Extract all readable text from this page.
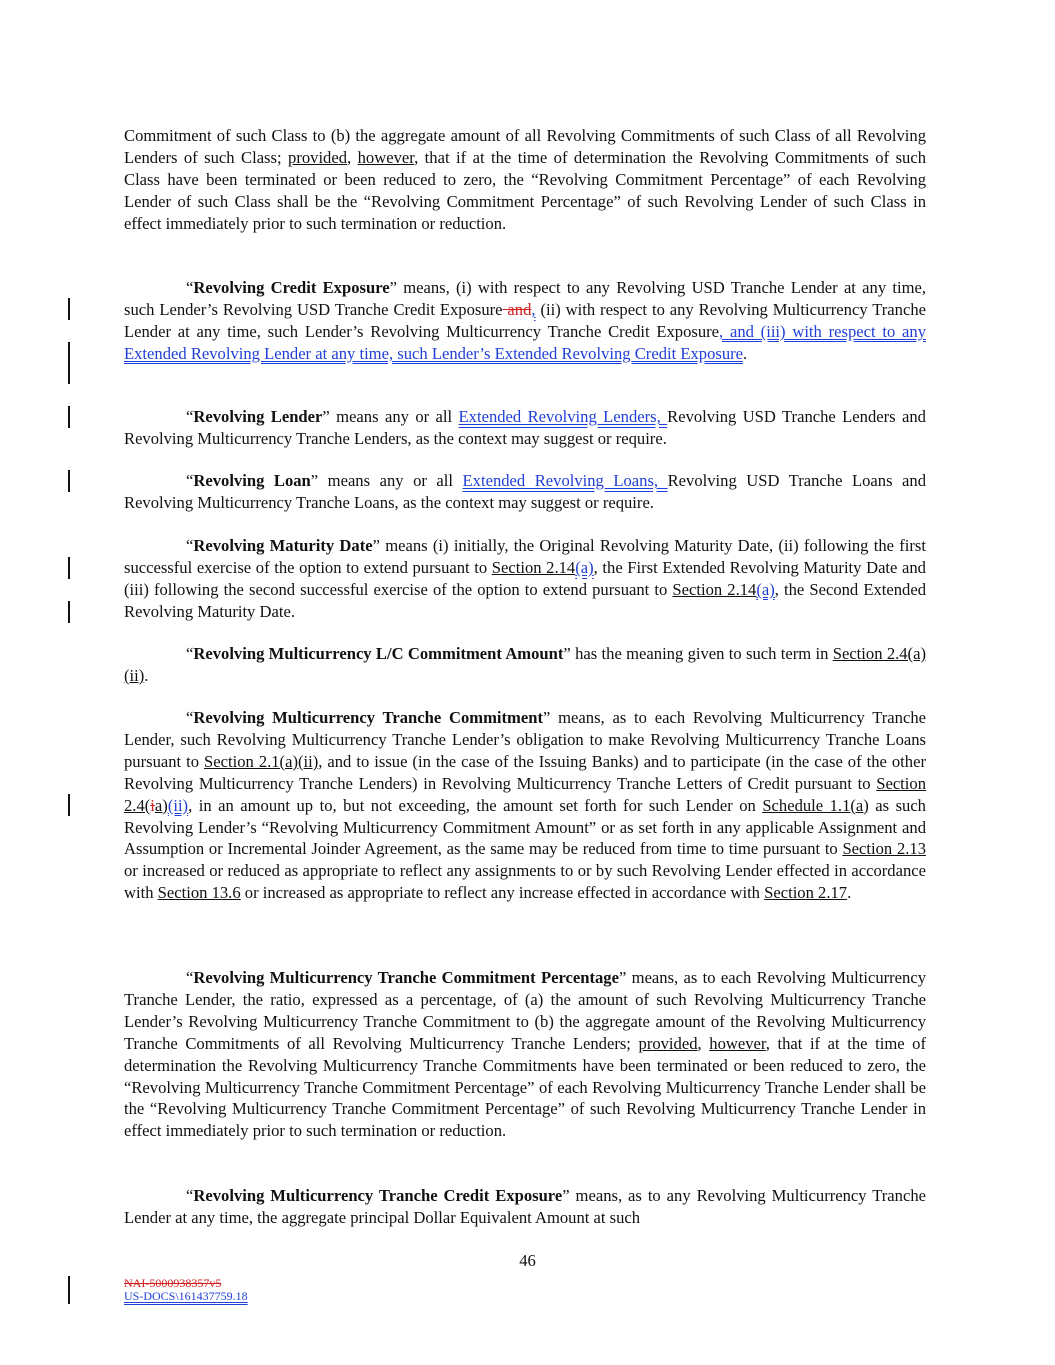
Commitment of such Class to (b) the aggregate amount of all Revolving Commitments of such Class of all Revolving Lenders of such Class; provided, however, that if at the time of determination the Revolving Commitments of such Class have been terminated or been reduced to zero, the “Revolving Commitment Percentage” of each Revolving Lender of such Class shall be the “Revolving Commitment Percentage” of such Revolving Lender of such Class in effect immediately prior to such termination or reduction.

“Revolving Credit Exposure” means, (i) with respect to any Revolving USD Tranche Lender at any time, such Lender’s Revolving USD Tranche Credit Exposure and, (ii) with respect to any Revolving Multicurrency Tranche Lender at any time, such Lender’s Revolving Multicurrency Tranche Credit Exposure, and (iii) with respect to any Extended Revolving Lender at any time, such Lender’s Extended Revolving Credit Exposure.

“Revolving Lender” means any or all Extended Revolving Lenders, Revolving USD Tranche Lenders and Revolving Multicurrency Tranche Lenders, as the context may suggest or require.

“Revolving Loan” means any or all Extended Revolving Loans, Revolving USD Tranche Loans and Revolving Multicurrency Tranche Loans, as the context may suggest or require.

“Revolving Maturity Date” means (i) initially, the Original Revolving Maturity Date, (ii) following the first successful exercise of the option to extend pursuant to Section 2.14(a), the First Extended Revolving Maturity Date and (iii) following the second successful exercise of the option to extend pursuant to Section 2.14(a), the Second Extended Revolving Maturity Date.

“Revolving Multicurrency L/C Commitment Amount” has the meaning given to such term in Section 2.4(a)(ii).

“Revolving Multicurrency Tranche Commitment” means, as to each Revolving Multicurrency Tranche Lender, such Revolving Multicurrency Tranche Lender’s obligation to make Revolving Multicurrency Tranche Loans pursuant to Section 2.1(a)(ii), and to issue (in the case of the Issuing Banks) and to participate (in the case of the other Revolving Multicurrency Tranche Lenders) in Revolving Multicurrency Tranche Letters of Credit pursuant to Section 2.4(ia)(ii), in an amount up to, but not exceeding, the amount set forth for such Lender on Schedule 1.1(a) as such Revolving Lender’s “Revolving Multicurrency Commitment Amount” or as set forth in any applicable Assignment and Assumption or Incremental Joinder Agreement, as the same may be reduced from time to time pursuant to Section 2.13 or increased or reduced as appropriate to reflect any assignments to or by such Revolving Lender effected in accordance with Section 13.6 or increased as appropriate to reflect any increase effected in accordance with Section 2.17.

“Revolving Multicurrency Tranche Commitment Percentage” means, as to each Revolving Multicurrency Tranche Lender, the ratio, expressed as a percentage, of (a) the amount of such Revolving Multicurrency Tranche Lender’s Revolving Multicurrency Tranche Commitment to (b) the aggregate amount of the Revolving Multicurrency Tranche Commitments of all Revolving Multicurrency Tranche Lenders; provided, however, that if at the time of determination the Revolving Multicurrency Tranche Commitments have been terminated or been reduced to zero, the “Revolving Multicurrency Tranche Commitment Percentage” of each Revolving Multicurrency Tranche Lender shall be the “Revolving Multicurrency Tranche Commitment Percentage” of such Revolving Multicurrency Tranche Lender in effect immediately prior to such termination or reduction.

“Revolving Multicurrency Tranche Credit Exposure” means, as to any Revolving Multicurrency Tranche Lender at any time, the aggregate principal Dollar Equivalent Amount at such

46
NAI-5000938357v5
US-DOCS\161437759.18
